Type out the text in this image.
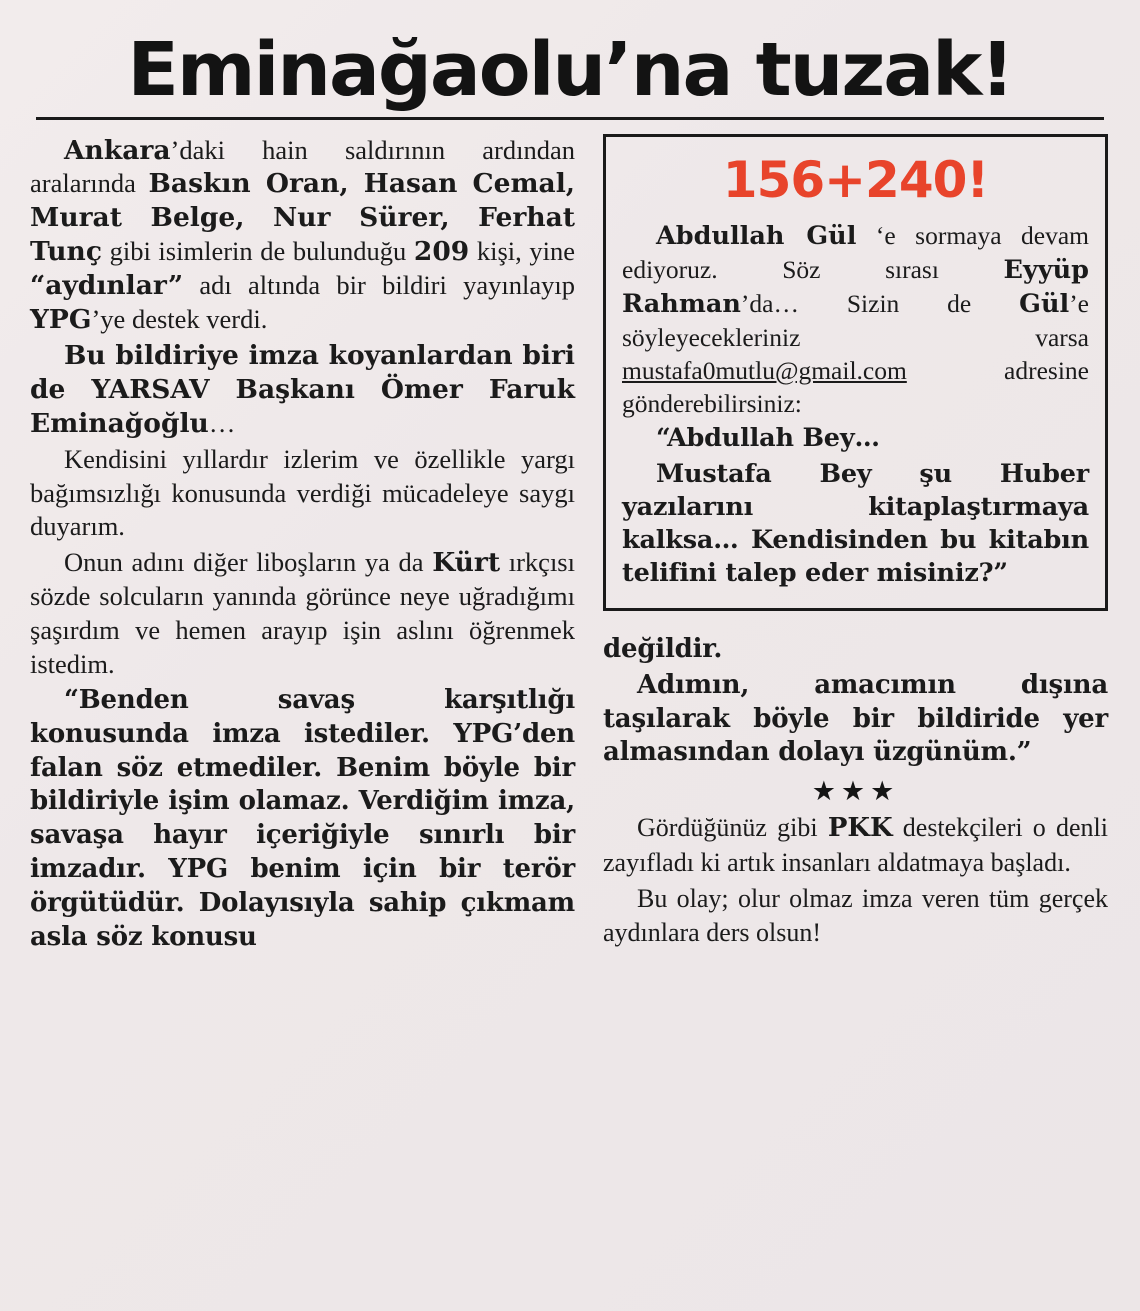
Eminağaolu’na tuzak!

Ankara’daki hain saldırının ardından aralarında Baskın Oran, Hasan Cemal, Murat Belge, Nur Sürer, Ferhat Tunç gibi isimlerin de bulunduğu 209 kişi, yine “aydınlar” adı altında bir bildiri yayınlayıp YPG’ye destek verdi.

Bu bildiriye imza koyanlardan biri de YARSAV Başkanı Ömer Faruk Eminağoğlu…

Kendisini yıllardır izlerim ve özellikle yargı bağımsızlığı konusunda verdiği mücadeleye saygı duyarım.

Onun adını diğer liboşların ya da Kürt ırkçısı sözde solcuların yanında görünce neye uğradığımı şaşırdım ve hemen arayıp işin aslını öğrenmek istedim.

“Benden savaş karşıtlığı konusunda imza istediler. YPG’den falan söz etmediler. Benim böyle bir bildiriyle işim olamaz. Verdiğim imza, savaşa hayır içeriğiyle sınırlı bir imzadır. YPG benim için bir terör örgütüdür. Dolayısıyla sahip çıkmam asla söz konusu

156+240!

Abdullah Gül ‘e sormaya devam ediyoruz. Söz sırası Eyyüp Rahman’da… Sizin de Gül’e söyleyecekleriniz varsa mustafa0mutlu@gmail.com adresine gönderebilirsiniz:

“Abdullah Bey…

Mustafa Bey şu Huber yazılarını kitaplaştırmaya kalksa… Kendisinden bu kitabın telifini talep eder misiniz?”

değildir.

Adımın, amacımın dışına taşılarak böyle bir bildiride yer almasından dolayı üzgünüm.”

★★★

Gördüğünüz gibi PKK destekçileri o denli zayıfladı ki artık insanları aldatmaya başladı.

Bu olay; olur olmaz imza veren tüm gerçek aydınlara ders olsun!
